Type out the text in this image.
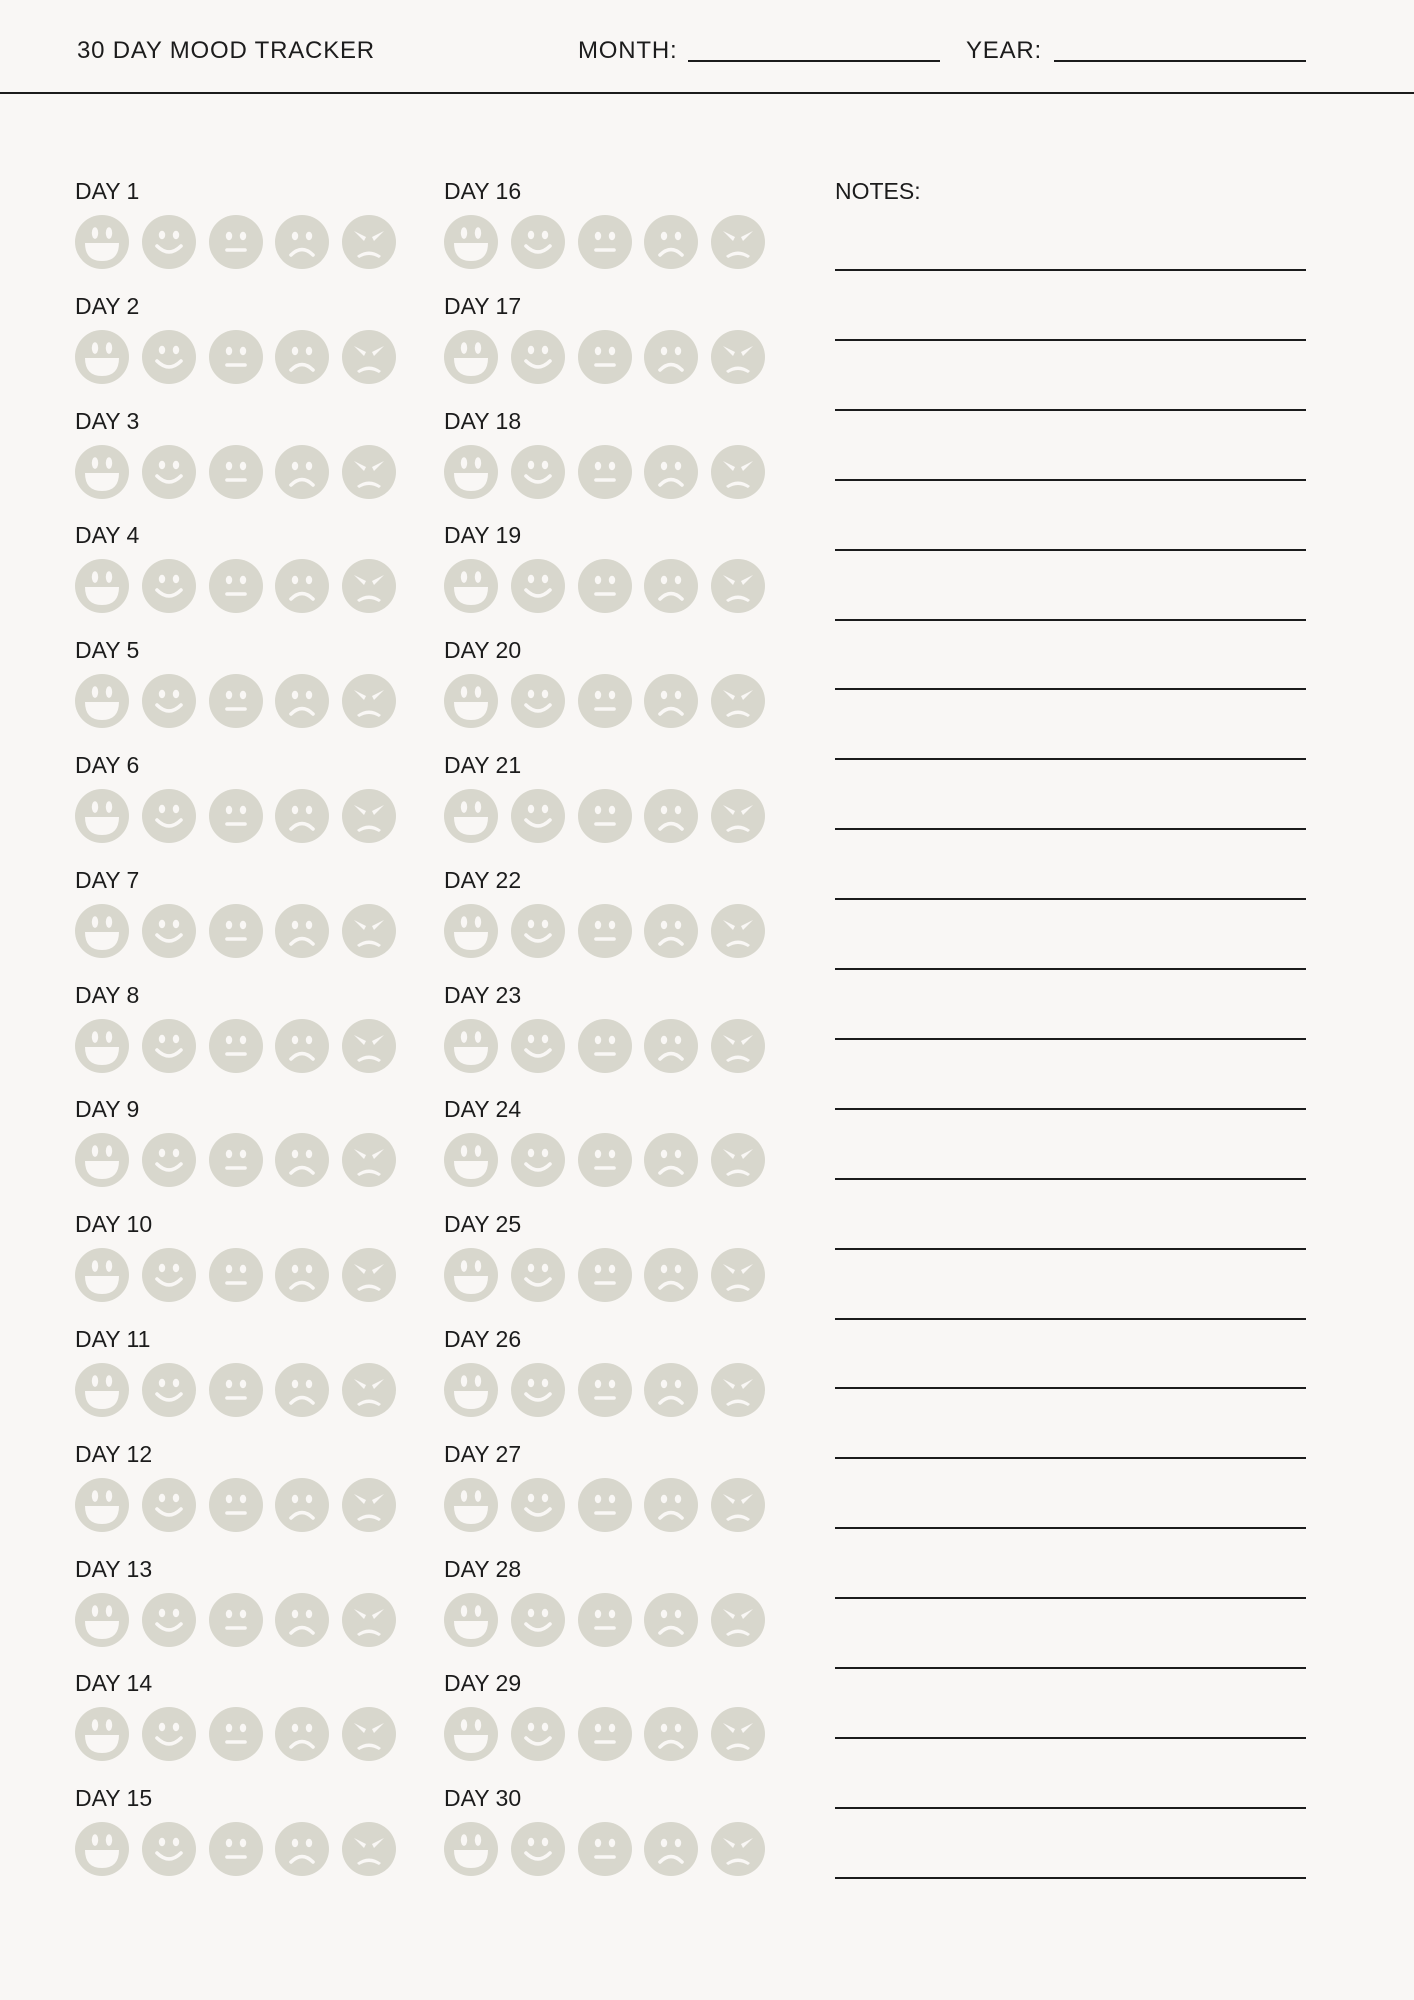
30 DAY MOOD TRACKER	MONTH:	YEAR:
DAY 1
DAY 2
DAY 3
DAY 4
DAY 5
DAY 6
DAY 7
DAY 8
DAY 9
DAY 10
DAY 11
DAY 12
DAY 13
DAY 14
DAY 15
DAY 16
DAY 17
DAY 18
DAY 19
DAY 20
DAY 21
DAY 22
DAY 23
DAY 24
DAY 25
DAY 26
DAY 27
DAY 28
DAY 29
DAY 30
NOTES:
